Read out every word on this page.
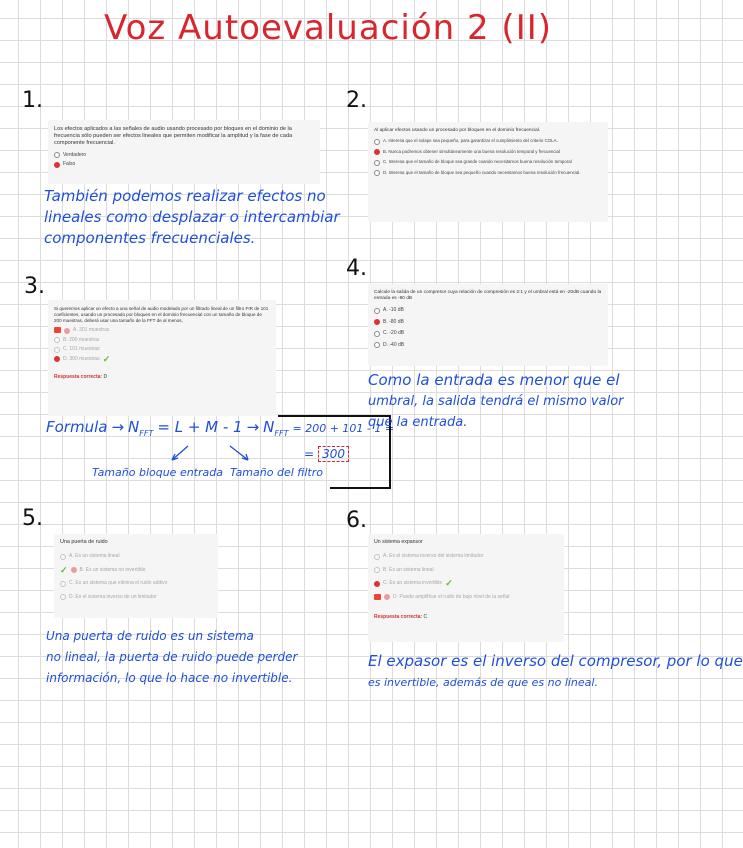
Voz Autoevaluación 2 (II)
1.

Los efectos aplicados a las señales de audio usando procesado por bloques en el dominio de la frecuencia sólo pueden ser efectos lineales que permiten modificar la amplitud y la fase de cada componente frecuencial.

Verdadero
Falso
También podemos realizar efectos no
lineales como desplazar o intercambiar
componentes frecuenciales.
2.

Al aplicar efectos usando un procesado por bloques en el dominio frecuencial.

A. Interesa que el solape sea pequeño, para garantizar el cumplimiento del criterio COLA.
B. Nunca podremos obtener simultáneamente una buena resolución temporal y frecuencial
C. Interesa que el tamaño de bloque sea grande cuando necesitamos buena resolución temporal
D. Interesa que el tamaño de bloque sea pequeño cuando necesitamos buena resolución frecuencial.
3.

Si queremos aplicar un efecto a una señal de audio modelado por un filtrado lineal de un filtro FIR de 101 coeficientes, usando un procesado por bloques en el dominio frecuencial con un tamaño de bloque de 200 muestras, deberá usar una tamaño de la FFT de al menos,

A. 301 muestras
B. 200 muestras
C. 101 muestras
D. 300 muestras ✓
Respuesta correcta: D
Formula → $N_{FFT} = L + M - 1 \to N_{FFT} = 200 + 101 - 1$ =
= 300
Tamaño bloque entrada Tamaño del filtro
4.

Calcule la salida de un compresor cuya relación de compresión es 2:1 y el umbral está en -20dB cuando la entrada es -80 dB

A. -10 dB
B. -80 dB
C. -20 dB
D. -40 dB
Como la entrada es menor que el
umbral, la salida tendrá el mismo valor
que la entrada.
5.

Una puerta de ruido

A. Es un sistema lineal
✓ B. Es un sistema no invertible
C. Es un sistema que elimina el ruido aditivo
D. Es el sistema inverso de un limitador
Una puerta de ruido es un sistema
no lineal, la puerta de ruido puede perder
información, lo que lo hace no invertible.
6.

Un sistema expansor

A. Es el sistema inverso del sistema limitador
B. Es un sistema lineal
C. Es un sistema invertible ✓
D. Puede amplificar el ruido de bajo nivel de la señal
Respuesta correcta: C
El expasor es el inverso del compresor, por lo que
es invertible, además de que es no lineal.
